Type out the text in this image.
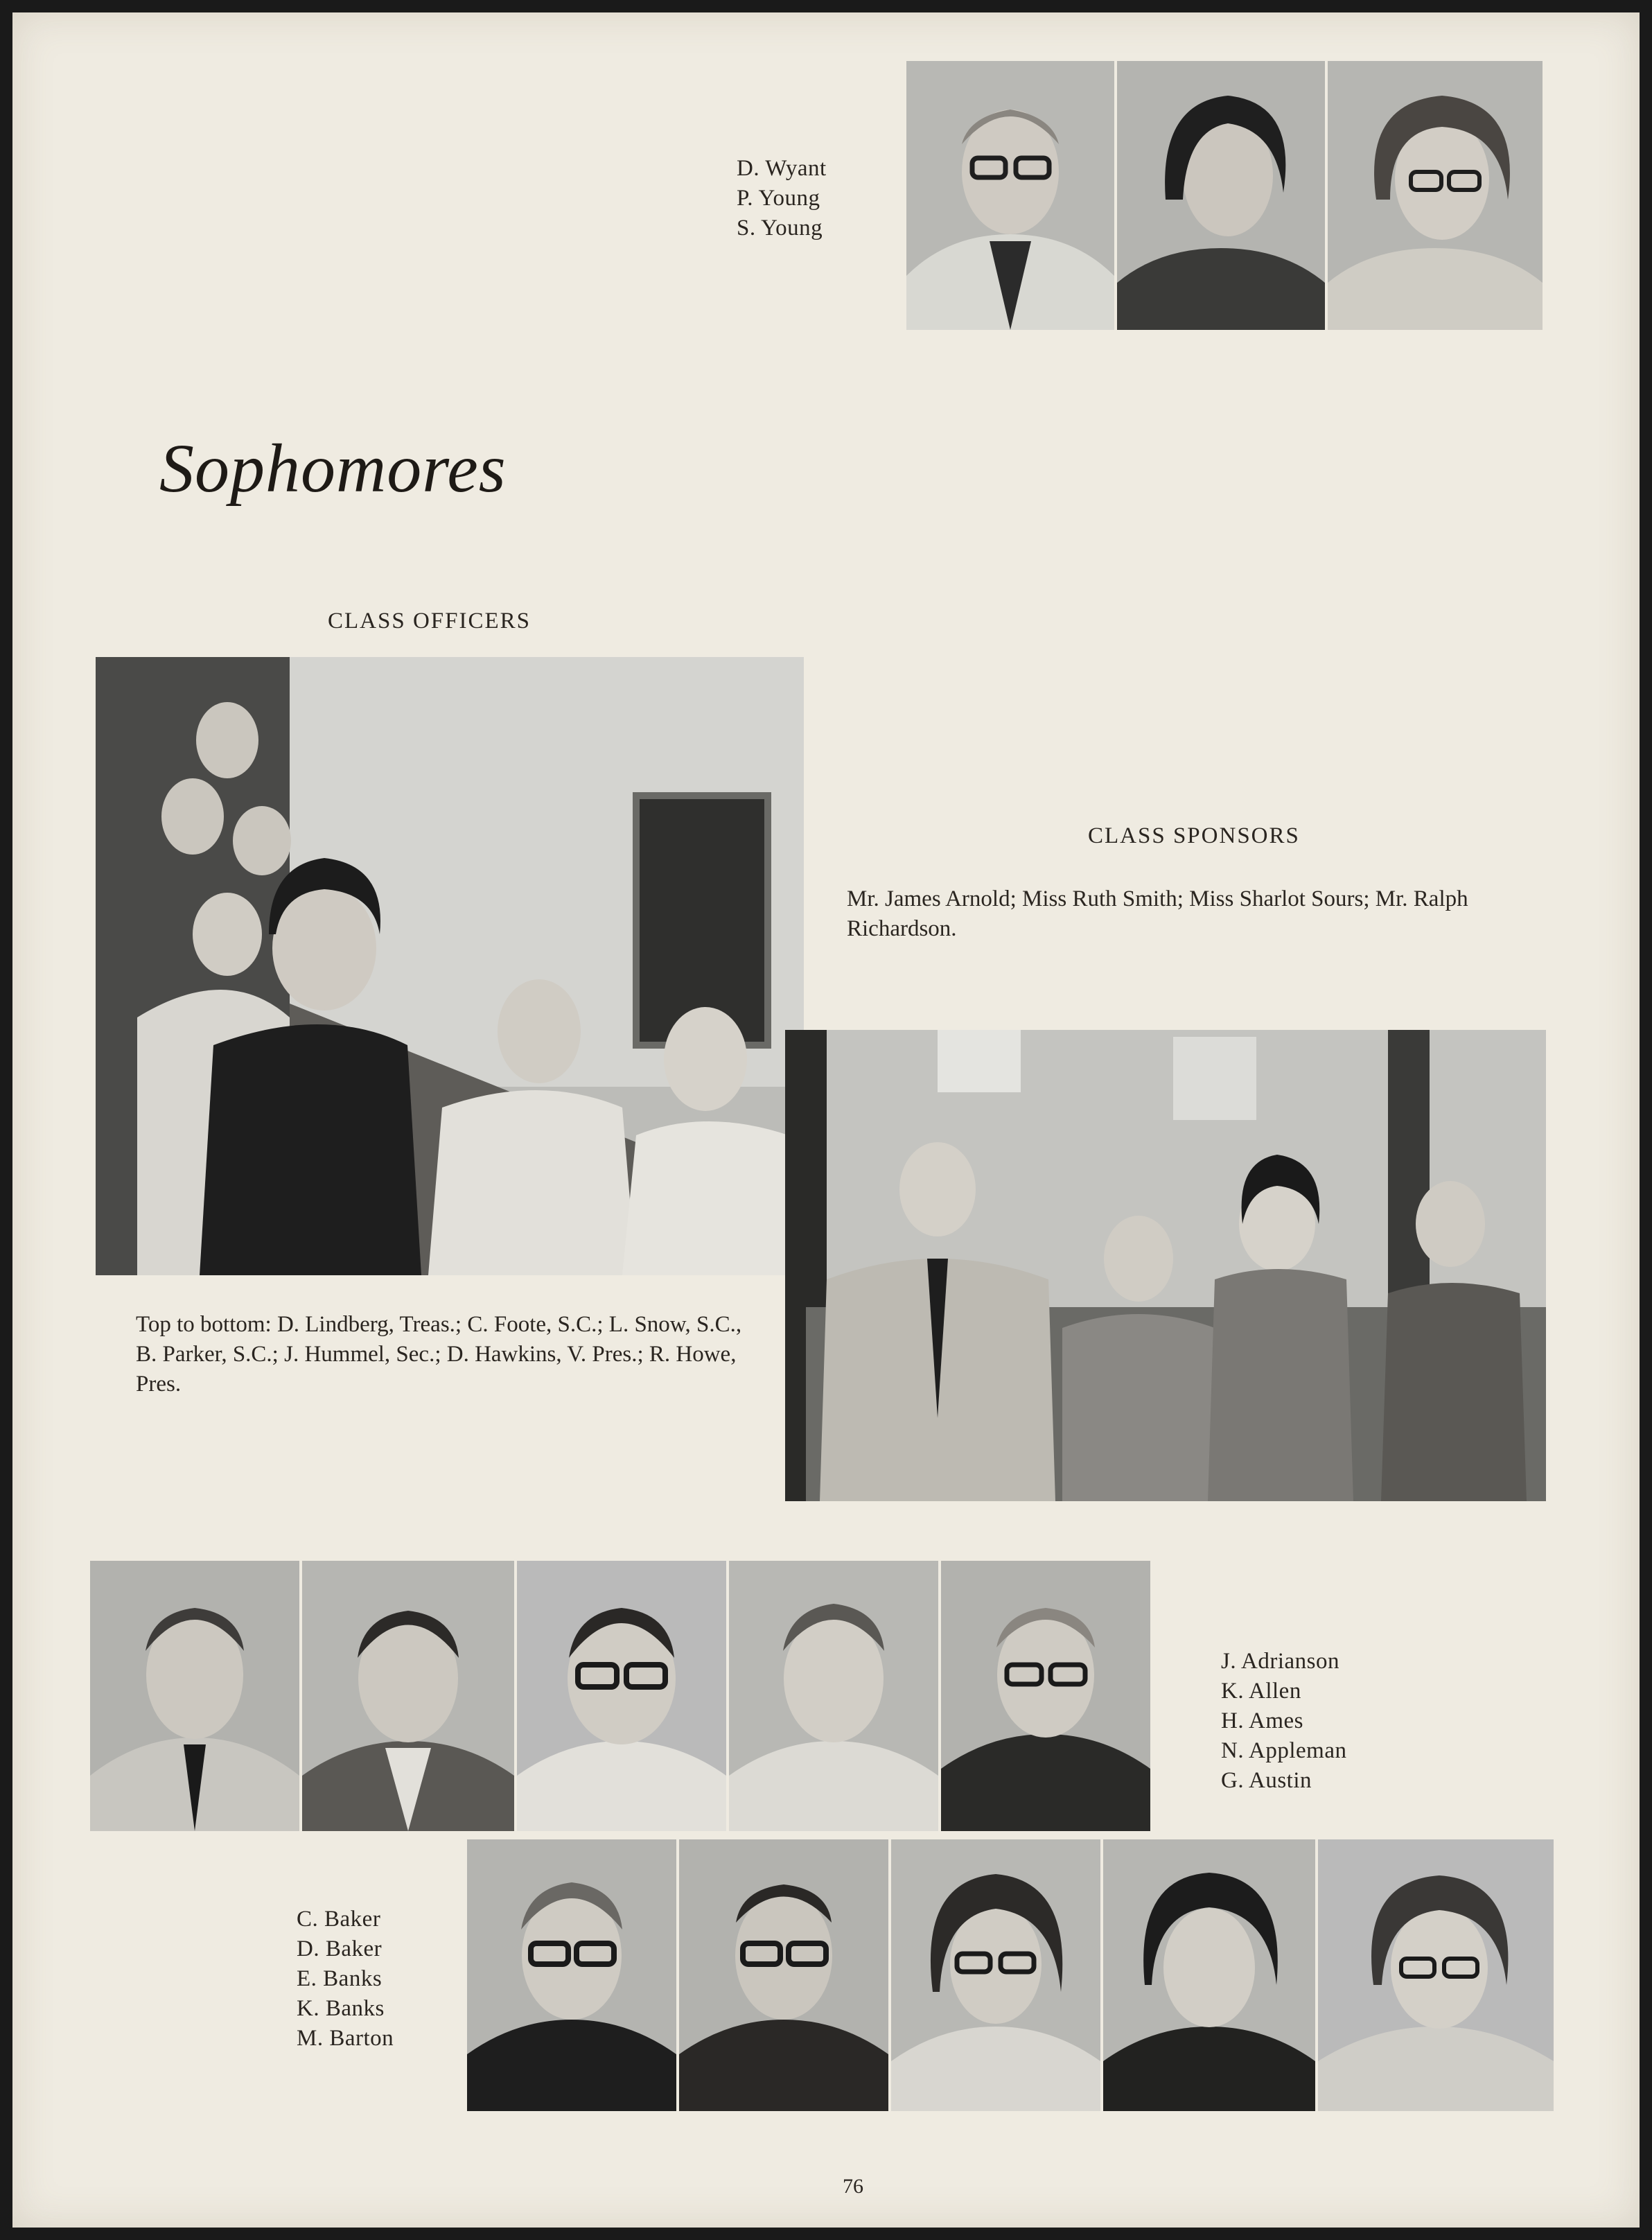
D. Wyant
P. Young
S. Young
Sophomores
CLASS OFFICERS
Top to bottom: D. Lindberg, Treas.; C. Foote, S.C.; L. Snow, S.C., B. Parker, S.C.; J. Hummel, Sec.; D. Hawkins, V. Pres.; R. Howe, Pres.
CLASS SPONSORS
Mr. James Arnold; Miss Ruth Smith; Miss Sharlot Sours; Mr. Ralph Richardson.
J. Adrianson
K. Allen
H. Ames
N. Appleman
G. Austin
C. Baker
D. Baker
E. Banks
K. Banks
M. Barton
76
